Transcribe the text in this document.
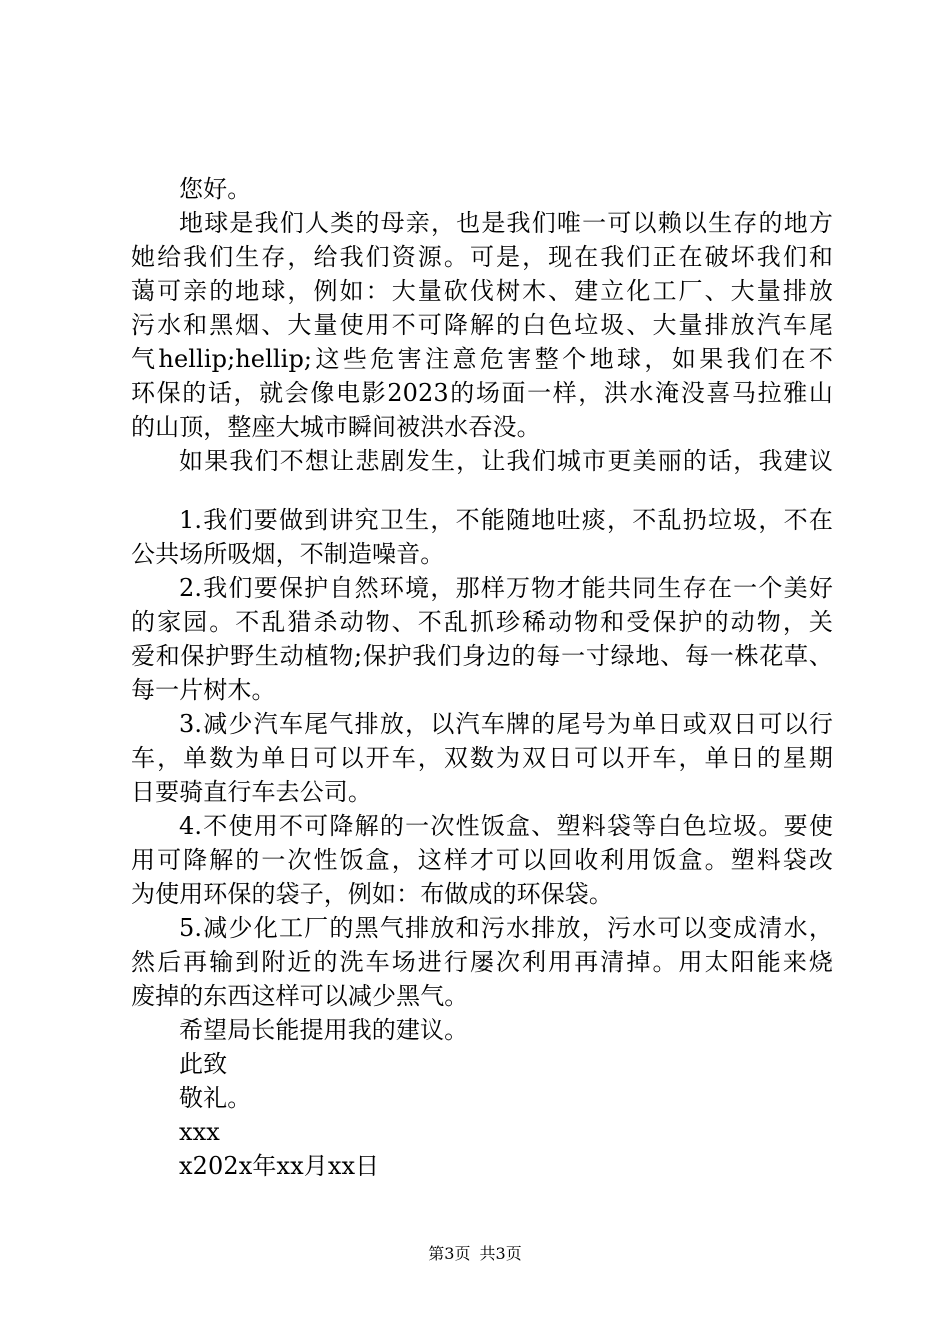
您好。
地球是我们人类的母亲，也是我们唯一可以赖以生存的地方
她给我们生存，给我们资源。可是，现在我们正在破坏我们和
蔼可亲的地球，例如：大量砍伐树木、建立化工厂、大量排放
污水和黑烟、大量使用不可降解的白色垃圾、大量排放汽车尾
气hellip;hellip;这些危害注意危害整个地球，如果我们在不
环保的话，就会像电影2023的场面一样，洪水淹没喜马拉雅山
的山顶，整座大城市瞬间被洪水吞没。
如果我们不想让悲剧发生，让我们城市更美丽的话，我建议
1.我们要做到讲究卫生，不能随地吐痰，不乱扔垃圾，不在
公共场所吸烟，不制造噪音。
2.我们要保护自然环境，那样万物才能共同生存在一个美好
的家园。不乱猎杀动物、不乱抓珍稀动物和受保护的动物，关
爱和保护野生动植物;保护我们身边的每一寸绿地、每一株花草、
每一片树木。
3.减少汽车尾气排放，以汽车牌的尾号为单日或双日可以行
车，单数为单日可以开车，双数为双日可以开车，单日的星期
日要骑直行车去公司。
4.不使用不可降解的一次性饭盒、塑料袋等白色垃圾。要使
用可降解的一次性饭盒，这样才可以回收利用饭盒。塑料袋改
为使用环保的袋子，例如：布做成的环保袋。
5.减少化工厂的黑气排放和污水排放，污水可以变成清水，
然后再输到附近的洗车场进行屡次利用再清掉。用太阳能来烧
废掉的东西这样可以减少黑气。
希望局长能提用我的建议。
此致
敬礼。
xxx
x202x年xx月xx日
第3页 共3页
